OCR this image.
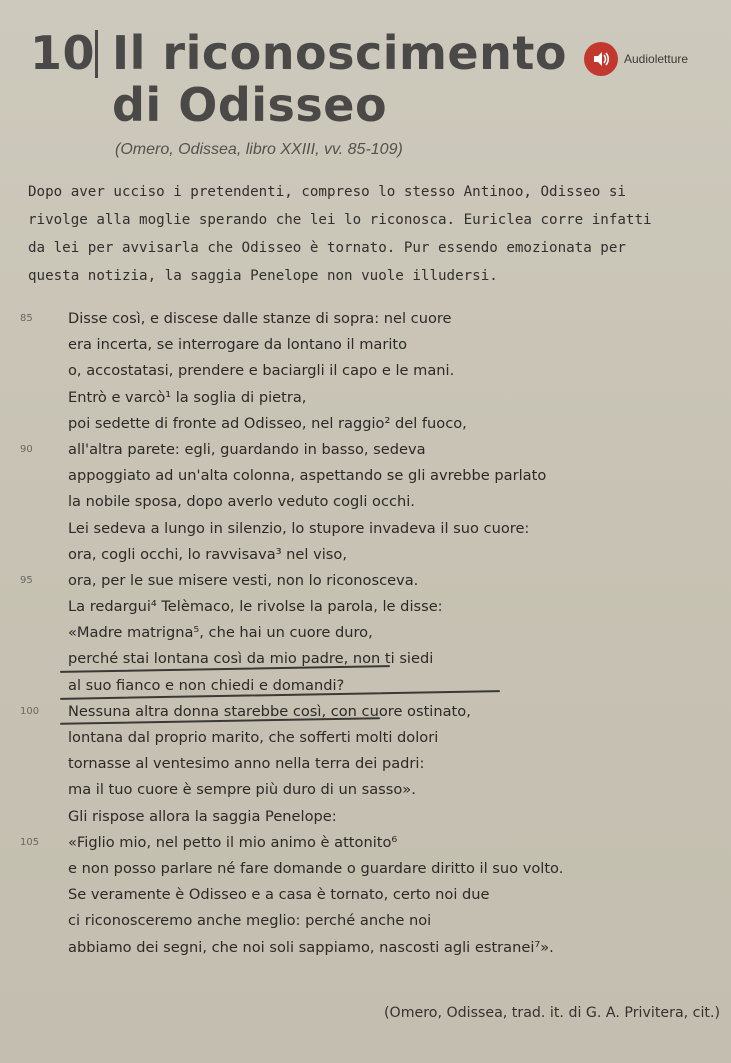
10 Il riconoscimento
di Odisseo
Audioletture
(Omero, Odissea, libro XXIII, vv. 85-109)
Dopo aver ucciso i pretendenti, compreso lo stesso Antinoo, Odisseo si
rivolge alla moglie sperando che lei lo riconosca. Euriclea corre infatti
da lei per avvisarla che Odisseo è tornato. Pur essendo emozionata per
questa notizia, la saggia Penelope non vuole illudersi.
85	Disse così, e discese dalle stanze di sopra: nel cuore
era incerta, se interrogare da lontano il marito
o, accostatasi, prendere e baciargli il capo e le mani.
Entrò e varcò¹ la soglia di pietra,
poi sedette di fronte ad Odisseo, nel raggio² del fuoco,
90	all'altra parete: egli, guardando in basso, sedeva
appoggiato ad un'alta colonna, aspettando se gli avrebbe parlato
la nobile sposa, dopo averlo veduto cogli occhi.
Lei sedeva a lungo in silenzio, lo stupore invadeva il suo cuore:
ora, cogli occhi, lo ravvisava³ nel viso,
95	ora, per le sue misere vesti, non lo riconosceva.
La redargui⁴ Telèmaco, le rivolse la parola, le disse:
«Madre matrigna⁵, che hai un cuore duro,
perché stai lontana così da mio padre, non ti siedi
al suo fianco e non chiedi e domandi?
100	Nessuna altra donna starebbe così, con cuore ostinato,
lontana dal proprio marito, che sofferti molti dolori
tornasse al ventesimo anno nella terra dei padri:
ma il tuo cuore è sempre più duro di un sasso».
Gli rispose allora la saggia Penelope:
105	«Figlio mio, nel petto il mio animo è attonito⁶
e non posso parlare né fare domande o guardare diritto il suo volto.
Se veramente è Odisseo e a casa è tornato, certo noi due
ci riconosceremo anche meglio: perché anche noi
abbiamo dei segni, che noi soli sappiamo, nascosti agli estranei⁷».
(Omero, Odissea, trad. it. di G. A. Privitera, cit.)
